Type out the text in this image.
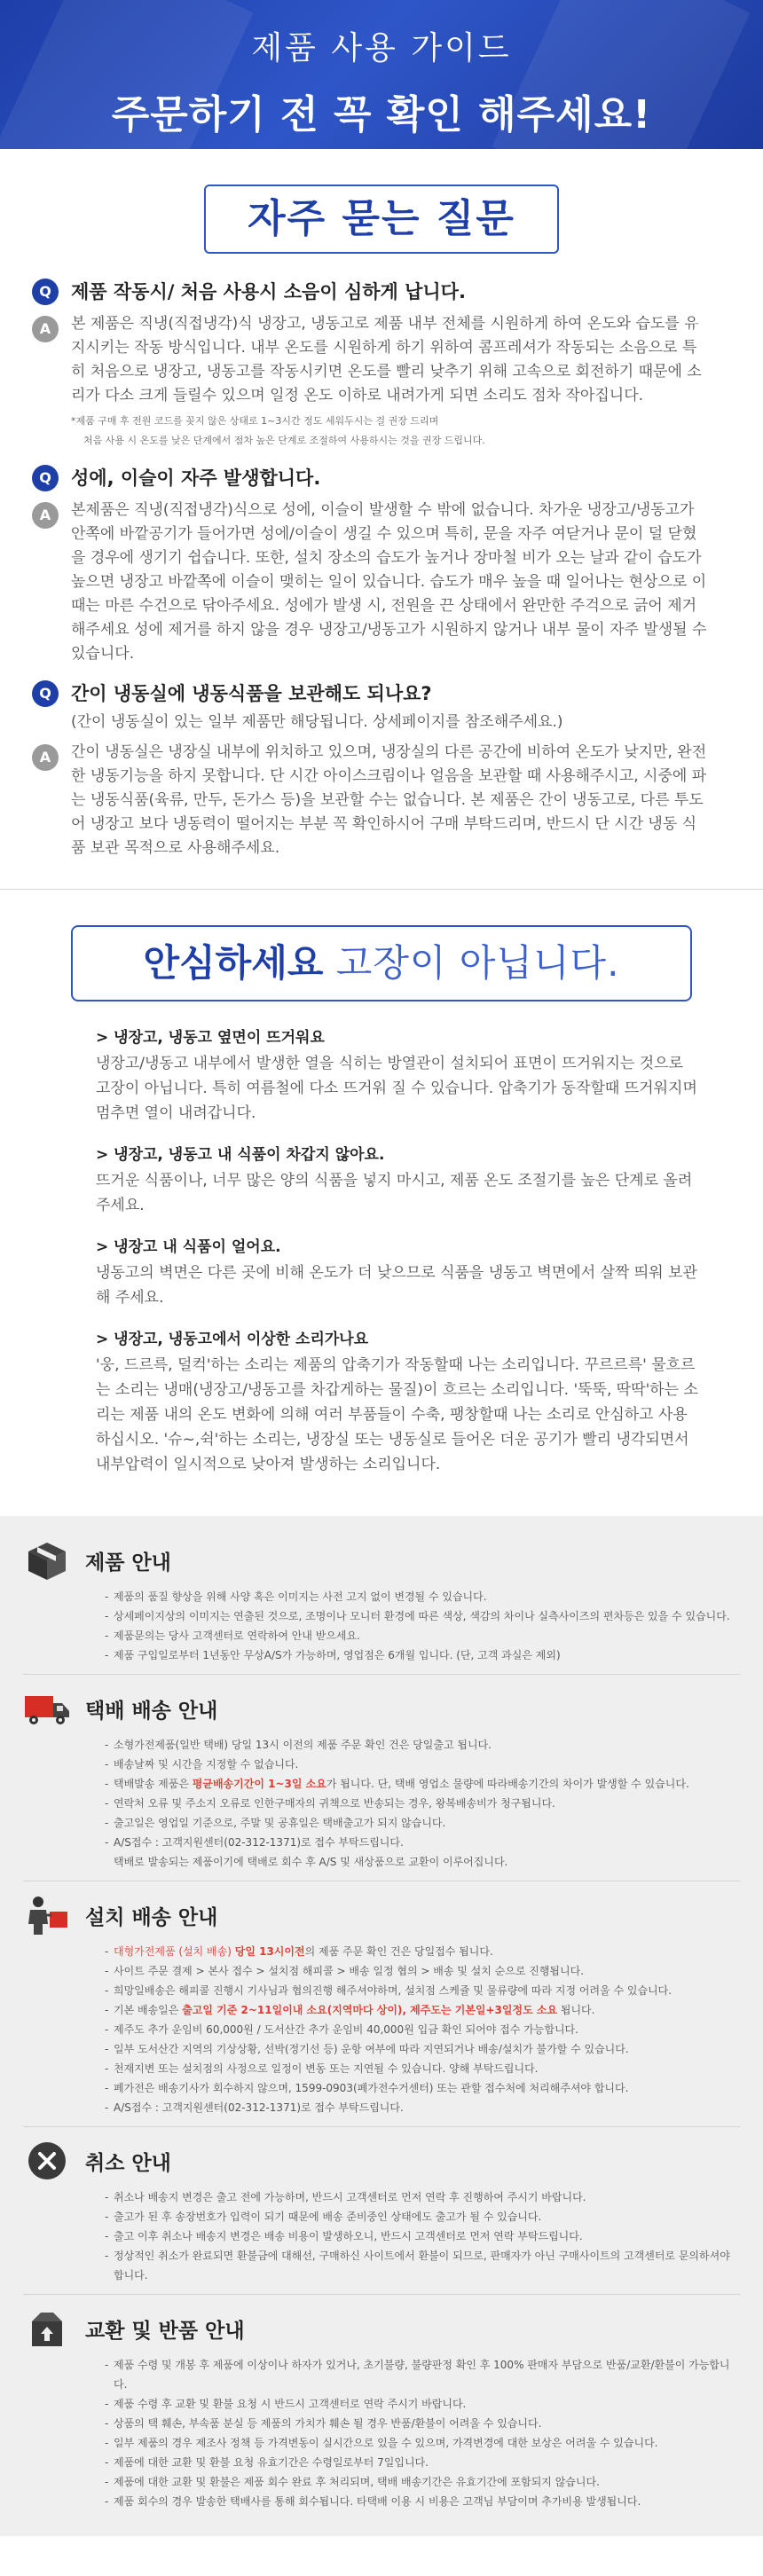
제품 사용 가이드
주문하기 전 꼭 확인 해주세요!
자주 묻는 질문
Q	제품 작동시/ 처음 사용시 소음이 심하게 납니다.
A	본 제품은 직냉(직접냉각)식 냉장고, 냉동고로 제품 내부 전체를 시원하게 하여 온도와 습도를 유지시키는 작동 방식입니다. 내부 온도를 시원하게 하기 위하여 콤프레셔가 작동되는 소음으로 특히 처음으로 냉장고, 냉동고를 작동시키면 온도를 빨리 낮추기 위해 고속으로 회전하기 때문에 소리가 다소 크게 들릴수 있으며 일정 온도 이하로 내려가게 되면 소리도 점차 작아집니다.
*제품 구매 후 전원 코드를 꽂지 않은 상태로 1~3시간 정도 세워두시는 걸 권장 드리며
처음 사용 시 온도를 낮은 단계에서 점차 높은 단계로 조절하여 사용하시는 것을 권장 드립니다.
Q	성에, 이슬이 자주 발생합니다.
A	본제품은 직냉(직접냉각)식으로 성에, 이슬이 발생할 수 밖에 없습니다. 차가운 냉장고/냉동고가 안쪽에 바깥공기가 들어가면 성에/이슬이 생길 수 있으며 특히, 문을 자주 여닫거나 문이 덜 닫혔을 경우에 생기기 쉽습니다. 또한, 설치 장소의 습도가 높거나 장마철 비가 오는 날과 같이 습도가 높으면 냉장고 바깥쪽에 이슬이 맺히는 일이 있습니다. 습도가 매우 높을 때 일어나는 현상으로 이때는 마른 수건으로 닦아주세요. 성에가 발생 시, 전원을 끈 상태에서 완만한 주걱으로 긁어 제거해주세요 성에 제거를 하지 않을 경우 냉장고/냉동고가 시원하지 않거나 내부 물이 자주 발생될 수 있습니다.
Q	간이 냉동실에 냉동식품을 보관해도 되나요?
(간이 냉동실이 있는 일부 제품만 해당됩니다. 상세페이지를 참조해주세요.)
A	간이 냉동실은 냉장실 내부에 위치하고 있으며, 냉장실의 다른 공간에 비하여 온도가 낮지만, 완전한 냉동기능을 하지 못합니다. 단 시간 아이스크림이나 얼음을 보관할 때 사용해주시고, 시중에 파는 냉동식품(육류, 만두, 돈가스 등)을 보관할 수는 없습니다. 본 제품은 간이 냉동고로, 다른 투도어 냉장고 보다 냉동력이 떨어지는 부분 꼭 확인하시어 구매 부탁드리며, 반드시 단 시간 냉동 식품 보관 목적으로 사용해주세요.
안심하세요 고장이 아닙니다.
> 냉장고, 냉동고 옆면이 뜨거워요
냉장고/냉동고 내부에서 발생한 열을 식히는 방열관이 설치되어 표면이 뜨거워지는 것으로 고장이 아닙니다. 특히 여름철에 다소 뜨거워 질 수 있습니다. 압축기가 동작할때 뜨거워지며 멈추면 열이 내려갑니다.
> 냉장고, 냉동고 내 식품이 차갑지 않아요.
뜨거운 식품이나, 너무 많은 양의 식품을 넣지 마시고, 제품 온도 조절기를 높은 단계로 올려주세요.
> 냉장고 내 식품이 얼어요.
냉동고의 벽면은 다른 곳에 비해 온도가 더 낮으므로 식품을 냉동고 벽면에서 살짝 띄워 보관해 주세요.
> 냉장고, 냉동고에서 이상한 소리가나요
'웅, 드르륵, 덜컥'하는 소리는 제품의 압축기가 작동할때 나는 소리입니다. 꾸르르륵' 물흐르는 소리는 냉매(냉장고/냉동고를 차갑게하는 물질)이 흐르는 소리입니다. '뚝뚝, 딱딱'하는 소리는 제품 내의 온도 변화에 의해 여러 부품들이 수축, 팽창할때 나는 소리로 안심하고 사용하십시오. '슈~,쉭'하는 소리는, 냉장실 또는 냉동실로 들어온 더운 공기가 빨리 냉각되면서 내부압력이 일시적으로 낮아져 발생하는 소리입니다.
제품 안내
- 제품의 품질 향상을 위해 사양 혹은 이미지는 사전 고지 없이 변경될 수 있습니다.
- 상세페이지상의 이미지는 연출된 것으로, 조명이나 모니터 환경에 따른 색상, 색감의 차이나 실측사이즈의 편차등은 있을 수 있습니다.
- 제품문의는 당사 고객센터로 연락하여 안내 받으세요.
- 제품 구입일로부터 1년동안 무상A/S가 가능하며, 영업점은 6개월 입니다. (단, 고객 과실은 제외)
택배 배송 안내
- 소형가전제품(일반 택배) 당일 13시 이전의 제품 주문 확인 건은 당일출고 됩니다.
- 배송날짜 및 시간을 지정할 수 없습니다.
- 택배발송 제품은 평균배송기간이 1~3일 소요가 됩니다. 단, 택배 영업소 물량에 따라배송기간의 차이가 발생할 수 있습니다.
- 연락처 오류 및 주소지 오류로 인한구매자의 귀책으로 반송되는 경우, 왕복배송비가 청구됩니다.
- 출고일은 영업일 기준으로, 주말 및 공휴일은 택배출고가 되지 않습니다.
- A/S접수 : 고객지원센터(02-312-1371)로 접수 부탁드립니다.
택배로 발송되는 제품이기에 택배로 회수 후 A/S 및 새상품으로 교환이 이루어집니다.
설치 배송 안내
- 대형가전제품 (설치 배송) 당일 13시이전의 제품 주문 확인 건은 당일접수 됩니다.
- 사이트 주문 결제 > 본사 접수 > 설치점 해피콜 > 배송 일정 협의 > 배송 및 설치 순으로 진행됩니다.
- 희망일배송은 해피콜 진행시 기사님과 협의진행 해주셔야하며, 설치점 스케쥴 및 물류량에 따라 지정 어려울 수 있습니다.
- 기본 배송일은 출고일 기준 2~11일이내 소요(지역마다 상이), 제주도는 기본일+3일정도 소요 됩니다.
- 제주도 추가 운임비 60,000원 / 도서산간 추가 운임비 40,000원 입금 확인 되어야 접수 가능합니다.
- 일부 도서산간 지역의 기상상황, 선박(정기선 등) 운항 여부에 따라 지연되거나 배송/설치가 불가할 수 있습니다.
- 천재지변 또는 설치점의 사정으로 일정이 변동 또는 지연될 수 있습니다. 양해 부탁드립니다.
- 폐가전은 배송기사가 회수하지 않으며, 1599-0903(폐가전수거센터) 또는 관할 접수처에 처리해주셔야 합니다.
- A/S접수 : 고객지원센터(02-312-1371)로 접수 부탁드립니다.
취소 안내
- 취소나 배송지 변경은 출고 전에 가능하며, 반드시 고객센터로 먼저 연락 후 진행하여 주시기 바랍니다.
- 출고가 된 후 송장번호가 입력이 되기 때문에 배송 준비중인 상태에도 출고가 될 수 있습니다.
- 출고 이후 취소나 배송지 변경은 배송 비용이 발생하오니, 반드시 고객센터로 먼저 연락 부탁드립니다.
- 정상적인 취소가 완료되면 환불금에 대해선, 구매하신 사이트에서 환불이 되므로, 판매자가 아닌 구매사이트의 고객센터로 문의하셔야 합니다.
교환 및 반품 안내
- 제품 수령 및 개봉 후 제품에 이상이나 하자가 있거나, 초기불량, 불량판정 확인 후 100% 판매자 부담으로 반품/교환/환불이 가능합니다.
- 제품 수령 후 교환 및 환불 요청 시 반드시 고객센터로 연락 주시기 바랍니다.
- 상품의 택 훼손, 부속품 분실 등 제품의 가치가 훼손 될 경우 반품/환불이 어려울 수 있습니다.
- 일부 제품의 경우 제조사 정책 등 가격변동이 실시간으로 있을 수 있으며, 가격변경에 대한 보상은 어려울 수 있습니다.
- 제품에 대한 교환 및 환불 요청 유효기간은 수령일로부터 7일입니다.
- 제품에 대한 교환 및 환불은 제품 회수 완료 후 처리되며, 택배 배송기간은 유효기간에 포함되지 않습니다.
- 제품 회수의 경우 발송한 택배사를 통해 회수됩니다. 타택배 이용 시 비용은 고객님 부담이며 추가비용 발생됩니다.
